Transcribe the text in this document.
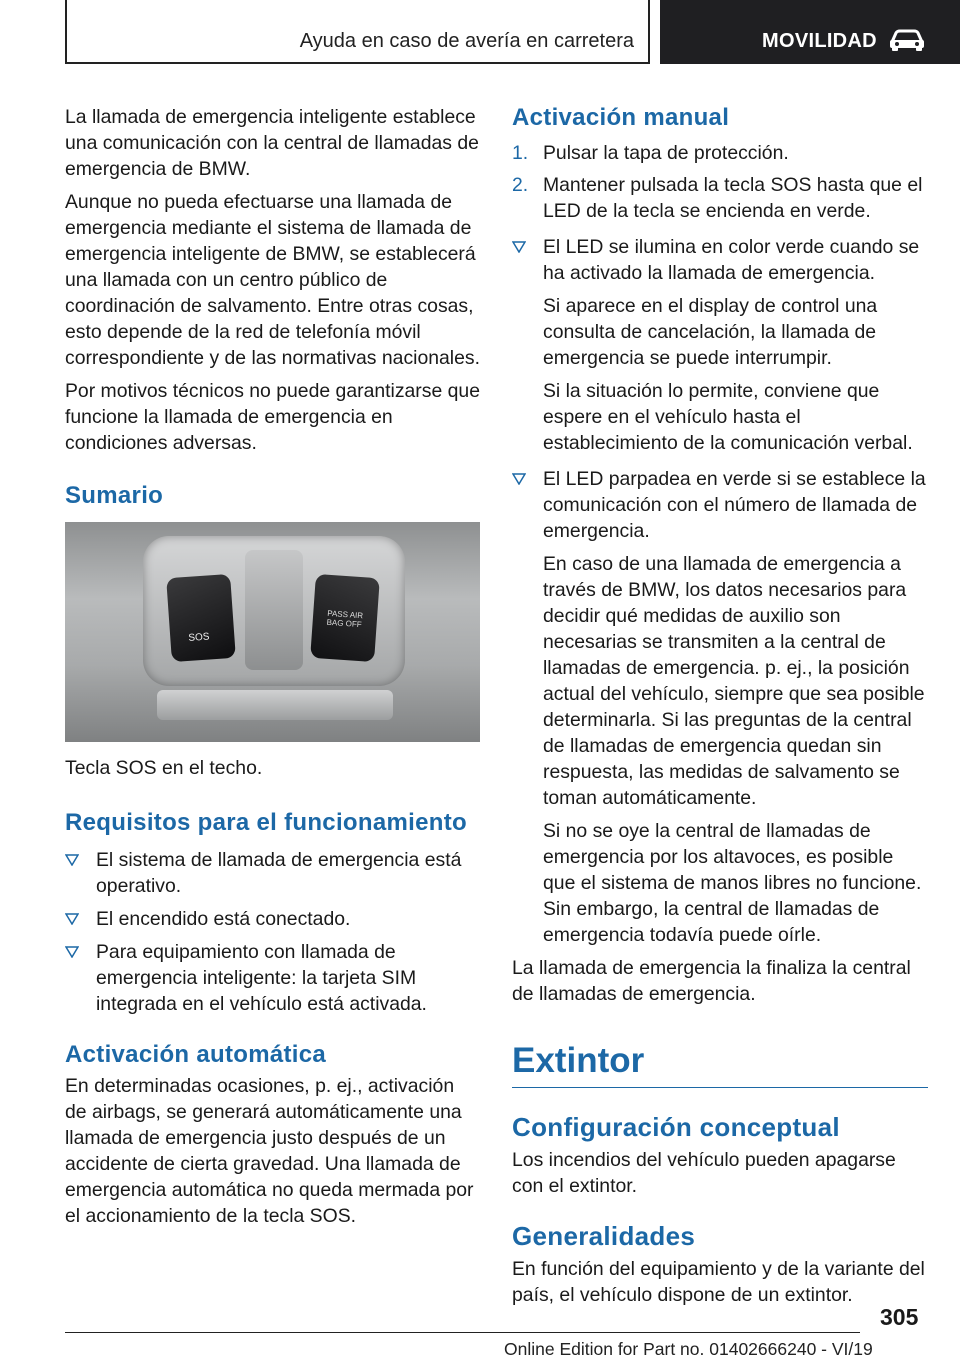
Ayuda en caso de avería en carretera	MOVILIDAD

La llamada de emergencia inteligente establece una comunicación con la central de llamadas de emergencia de BMW.

Aunque no pueda efectuarse una llamada de emergencia mediante el sistema de llamada de emergencia inteligente de BMW, se establecerá una llamada con un centro público de coordinación de salvamento. Entre otras cosas, esto depende de la red de telefonía móvil correspondiente y de las normativas nacionales.

Por motivos técnicos no puede garantizarse que funcione la llamada de emergencia en condiciones adversas.

Sumario
SOS
PASS AIR BAG OFF

Tecla SOS en el techo.

Requisitos para el funcionamiento
El sistema de llamada de emergencia está operativo.
El encendido está conectado.
Para equipamiento con llamada de emergencia inteligente: la tarjeta SIM integrada en el vehículo está activada.
Activación automática

En determinadas ocasiones, p. ej., activación de airbags, se generará automáticamente una llamada de emergencia justo después de un accidente de cierta gravedad. Una llamada de emergencia automática no queda mermada por el accionamiento de la tecla SOS.

Activación manual
1. Pulsar la tapa de protección.
2. Mantener pulsada la tecla SOS hasta que el LED de la tecla se encienda en verde.
El LED se ilumina en color verde cuando se ha activado la llamada de emergencia.
Si aparece en el display de control una consulta de cancelación, la llamada de emergencia se puede interrumpir.
Si la situación lo permite, conviene que espere en el vehículo hasta el establecimiento de la comunicación verbal.
El LED parpadea en verde si se establece la comunicación con el número de llamada de emergencia.
En caso de una llamada de emergencia a través de BMW, los datos necesarios para decidir qué medidas de auxilio son necesarias se transmiten a la central de llamadas de emergencia. p. ej., la posición actual del vehículo, siempre que sea posible determinarla. Si las preguntas de la central de llamadas de emergencia quedan sin respuesta, las medidas de salvamento se toman automáticamente.
Si no se oye la central de llamadas de emergencia por los altavoces, es posible que el sistema de manos libres no funcione. Sin embargo, la central de llamadas de emergencia todavía puede oírle.

La llamada de emergencia la finaliza la central de llamadas de emergencia.

Extintor
Configuración conceptual

Los incendios del vehículo pueden apagarse con el extintor.

Generalidades

En función del equipamiento y de la variante del país, el vehículo dispone de un extintor.

305
Online Edition for Part no. 01402666240 - VI/19
